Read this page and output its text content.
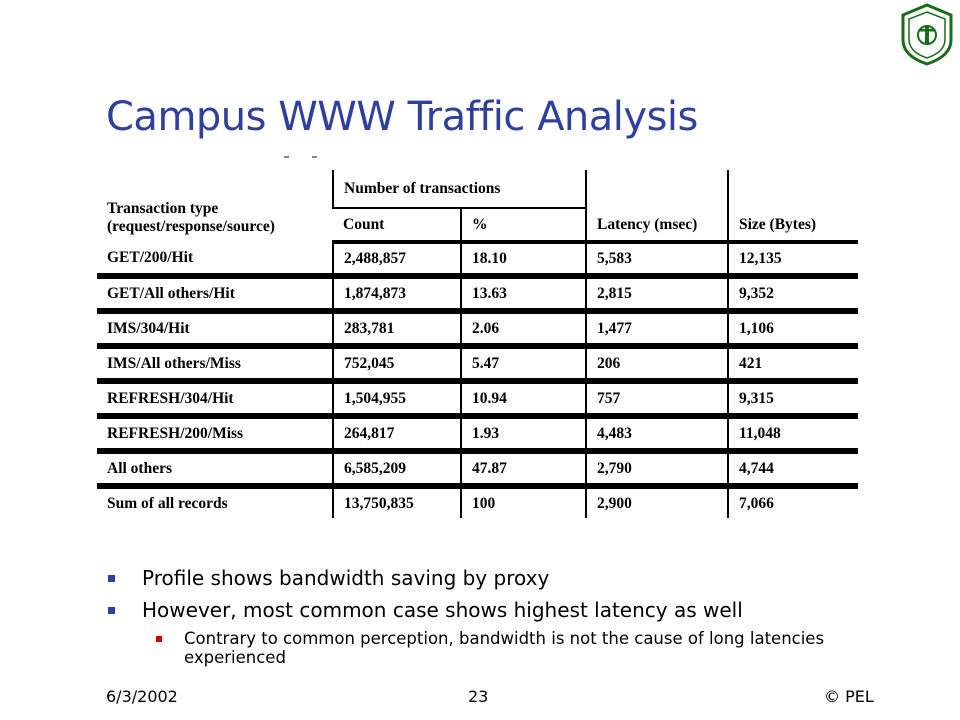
Campus WWW Traffic Analysis
Transaction type
(request/response/source)	Number of transactions		Latency (msec)	Size (Bytes)
	Count	%		
GET/200/Hit	2,488,857	18.10	5,583	12,135
GET/All others/Hit	1,874,873	13.63	2,815	9,352
IMS/304/Hit	283,781	2.06	1,477	1,106
IMS/All others/Miss	752,045	5.47	206	421
REFRESH/304/Hit	1,504,955	10.94	757	9,315
REFRESH/200/Miss	264,817	1.93	4,483	11,048
All others	6,585,209	47.87	2,790	4,744
Sum of all records	13,750,835	100	2,900	7,066
Profile shows bandwidth saving by proxy
However, most common case shows highest latency as well
Contrary to common perception, bandwidth is not the cause of long latencies experienced
6/3/2002	23	© PEL
